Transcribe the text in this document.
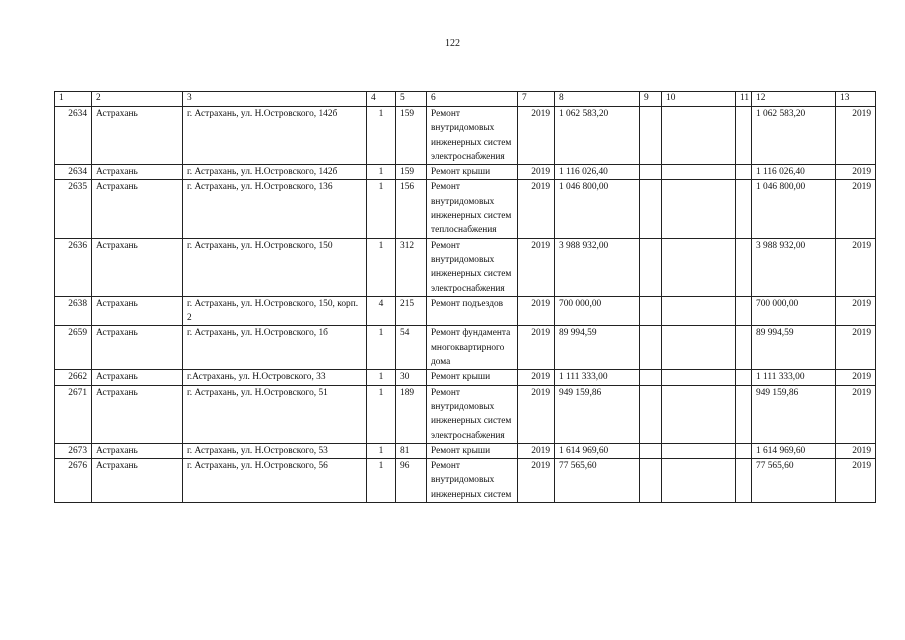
122
1	2	3	4	5	6	7	8	9	10	11	12	13
2634	Астрахань	г. Астрахань, ул. Н.Островского, 142б	1	159	Ремонт внутридомовых инженерных систем электроснабжения	2019	1 062 583,20				1 062 583,20	2019
2634	Астрахань	г. Астрахань, ул. Н.Островского, 142б	1	159	Ремонт крыши	2019	1 116 026,40				1 116 026,40	2019
2635	Астрахань	г. Астрахань, ул. Н.Островского, 136	1	156	Ремонт внутридомовых инженерных систем теплоснабжения	2019	1 046 800,00				1 046 800,00	2019
2636	Астрахань	г. Астрахань, ул. Н.Островского, 150	1	312	Ремонт внутридомовых инженерных систем электроснабжения	2019	3 988 932,00				3 988 932,00	2019
2638	Астрахань	г. Астрахань, ул. Н.Островского, 150, корп. 2	4	215	Ремонт подъездов	2019	700 000,00				700 000,00	2019
2659	Астрахань	г. Астрахань, ул. Н.Островского, 1б	1	54	Ремонт фундамента многоквартирного дома	2019	89 994,59				89 994,59	2019
2662	Астрахань	г.Астрахань, ул. Н.Островского, 33	1	30	Ремонт крыши	2019	1 111 333,00				1 111 333,00	2019
2671	Астрахань	г. Астрахань, ул. Н.Островского, 51	1	189	Ремонт внутридомовых инженерных систем электроснабжения	2019	949 159,86				949 159,86	2019
2673	Астрахань	г. Астрахань, ул. Н.Островского, 53	1	81	Ремонт крыши	2019	1 614 969,60				1 614 969,60	2019
2676	Астрахань	г. Астрахань, ул. Н.Островского, 56	1	96	Ремонт внутридомовых инженерных систем	2019	77 565,60				77 565,60	2019
